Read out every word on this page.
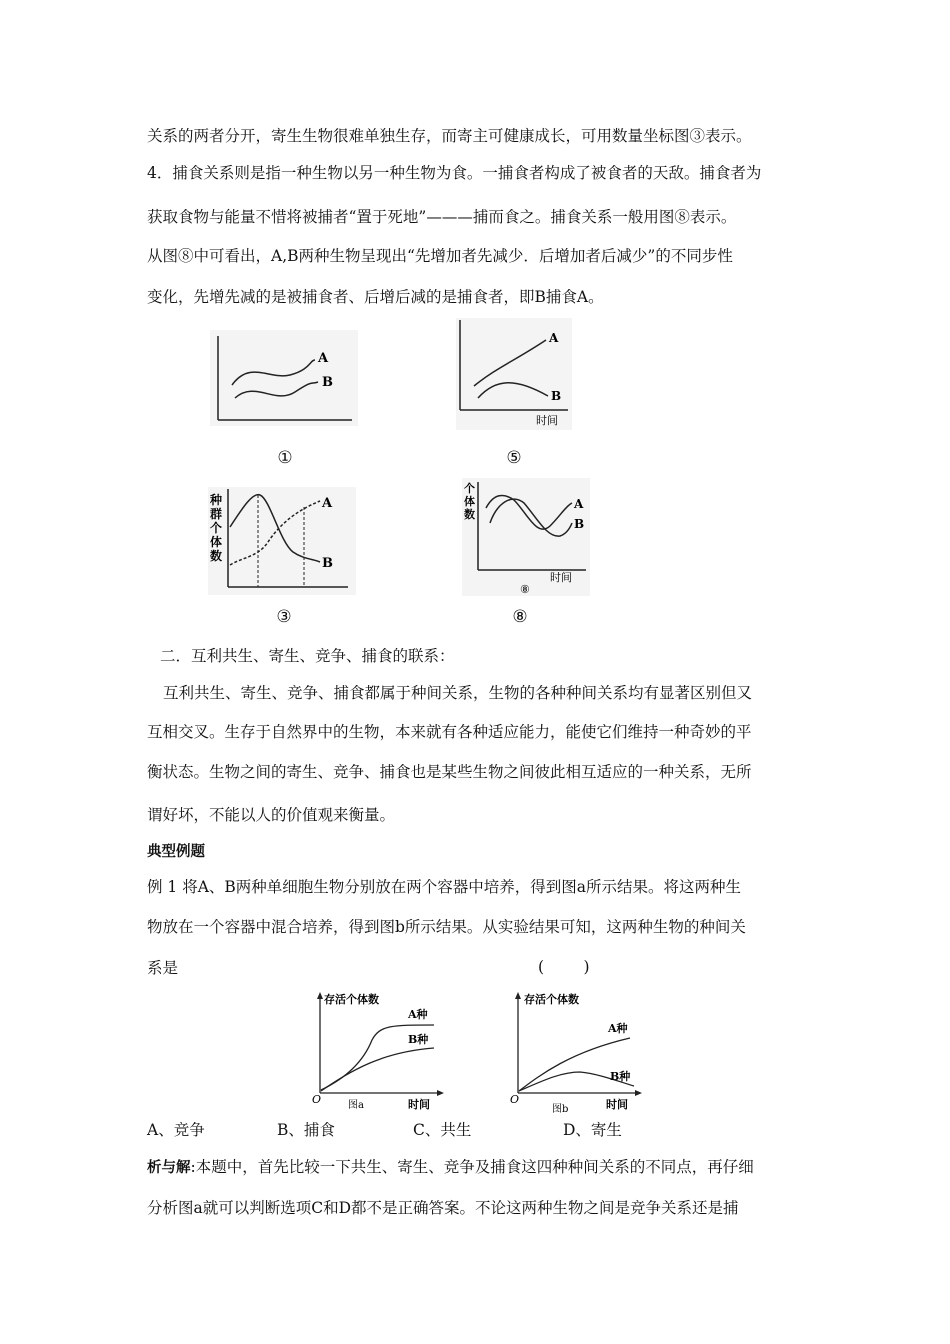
关系的两者分开，寄生生物很难单独生存，而寄主可健康成长，可用数量坐标图③表示。
4．捕食关系则是指一种生物以另一种生物为食。一捕食者构成了被食者的天敌。捕食者为
获取食物与能量不惜将被捕者“置于死地”———捕而食之。捕食关系一般用图⑧表示。
从图⑧中可看出，A,B两种生物呈现出“先增加者先减少．后增加者后减少”的不同步性
变化，先增先减的是被捕食者、后增后减的是捕食者，即B捕食A。
A
B
①
A
B
时间
⑤
种
群
个
体
数
A
B
③
个
体
数
A
B
时间
⑧
⑧
二．互利共生、寄生、竞争、捕食的联系：
互利共生、寄生、竞争、捕食都属于种间关系，生物的各种种间关系均有显著区别但又
互相交叉。生存于自然界中的生物，本来就有各种适应能力，能使它们维持一种奇妙的平
衡状态。生物之间的寄生、竞争、捕食也是某些生物之间彼此相互适应的一种关系，无所
谓好坏，不能以人的价值观来衡量。
典型例题
例 1 将A、B两种单细胞生物分别放在两个容器中培养，得到图a所示结果。将这两种生
物放在一个容器中混合培养，得到图b所示结果。从实验结果可知，这两种生物的种间关
系是	(        )
存活个体数
A种
B种
O	图a	时间
存活个体数
A种
B种
O
图b	时间
A、竞争	B、捕食	C、共生	D、寄生
析与解:本题中，首先比较一下共生、寄生、竞争及捕食这四种种间关系的不同点，再仔细
分析图a就可以判断选项C和D都不是正确答案。不论这两种生物之间是竞争关系还是捕
